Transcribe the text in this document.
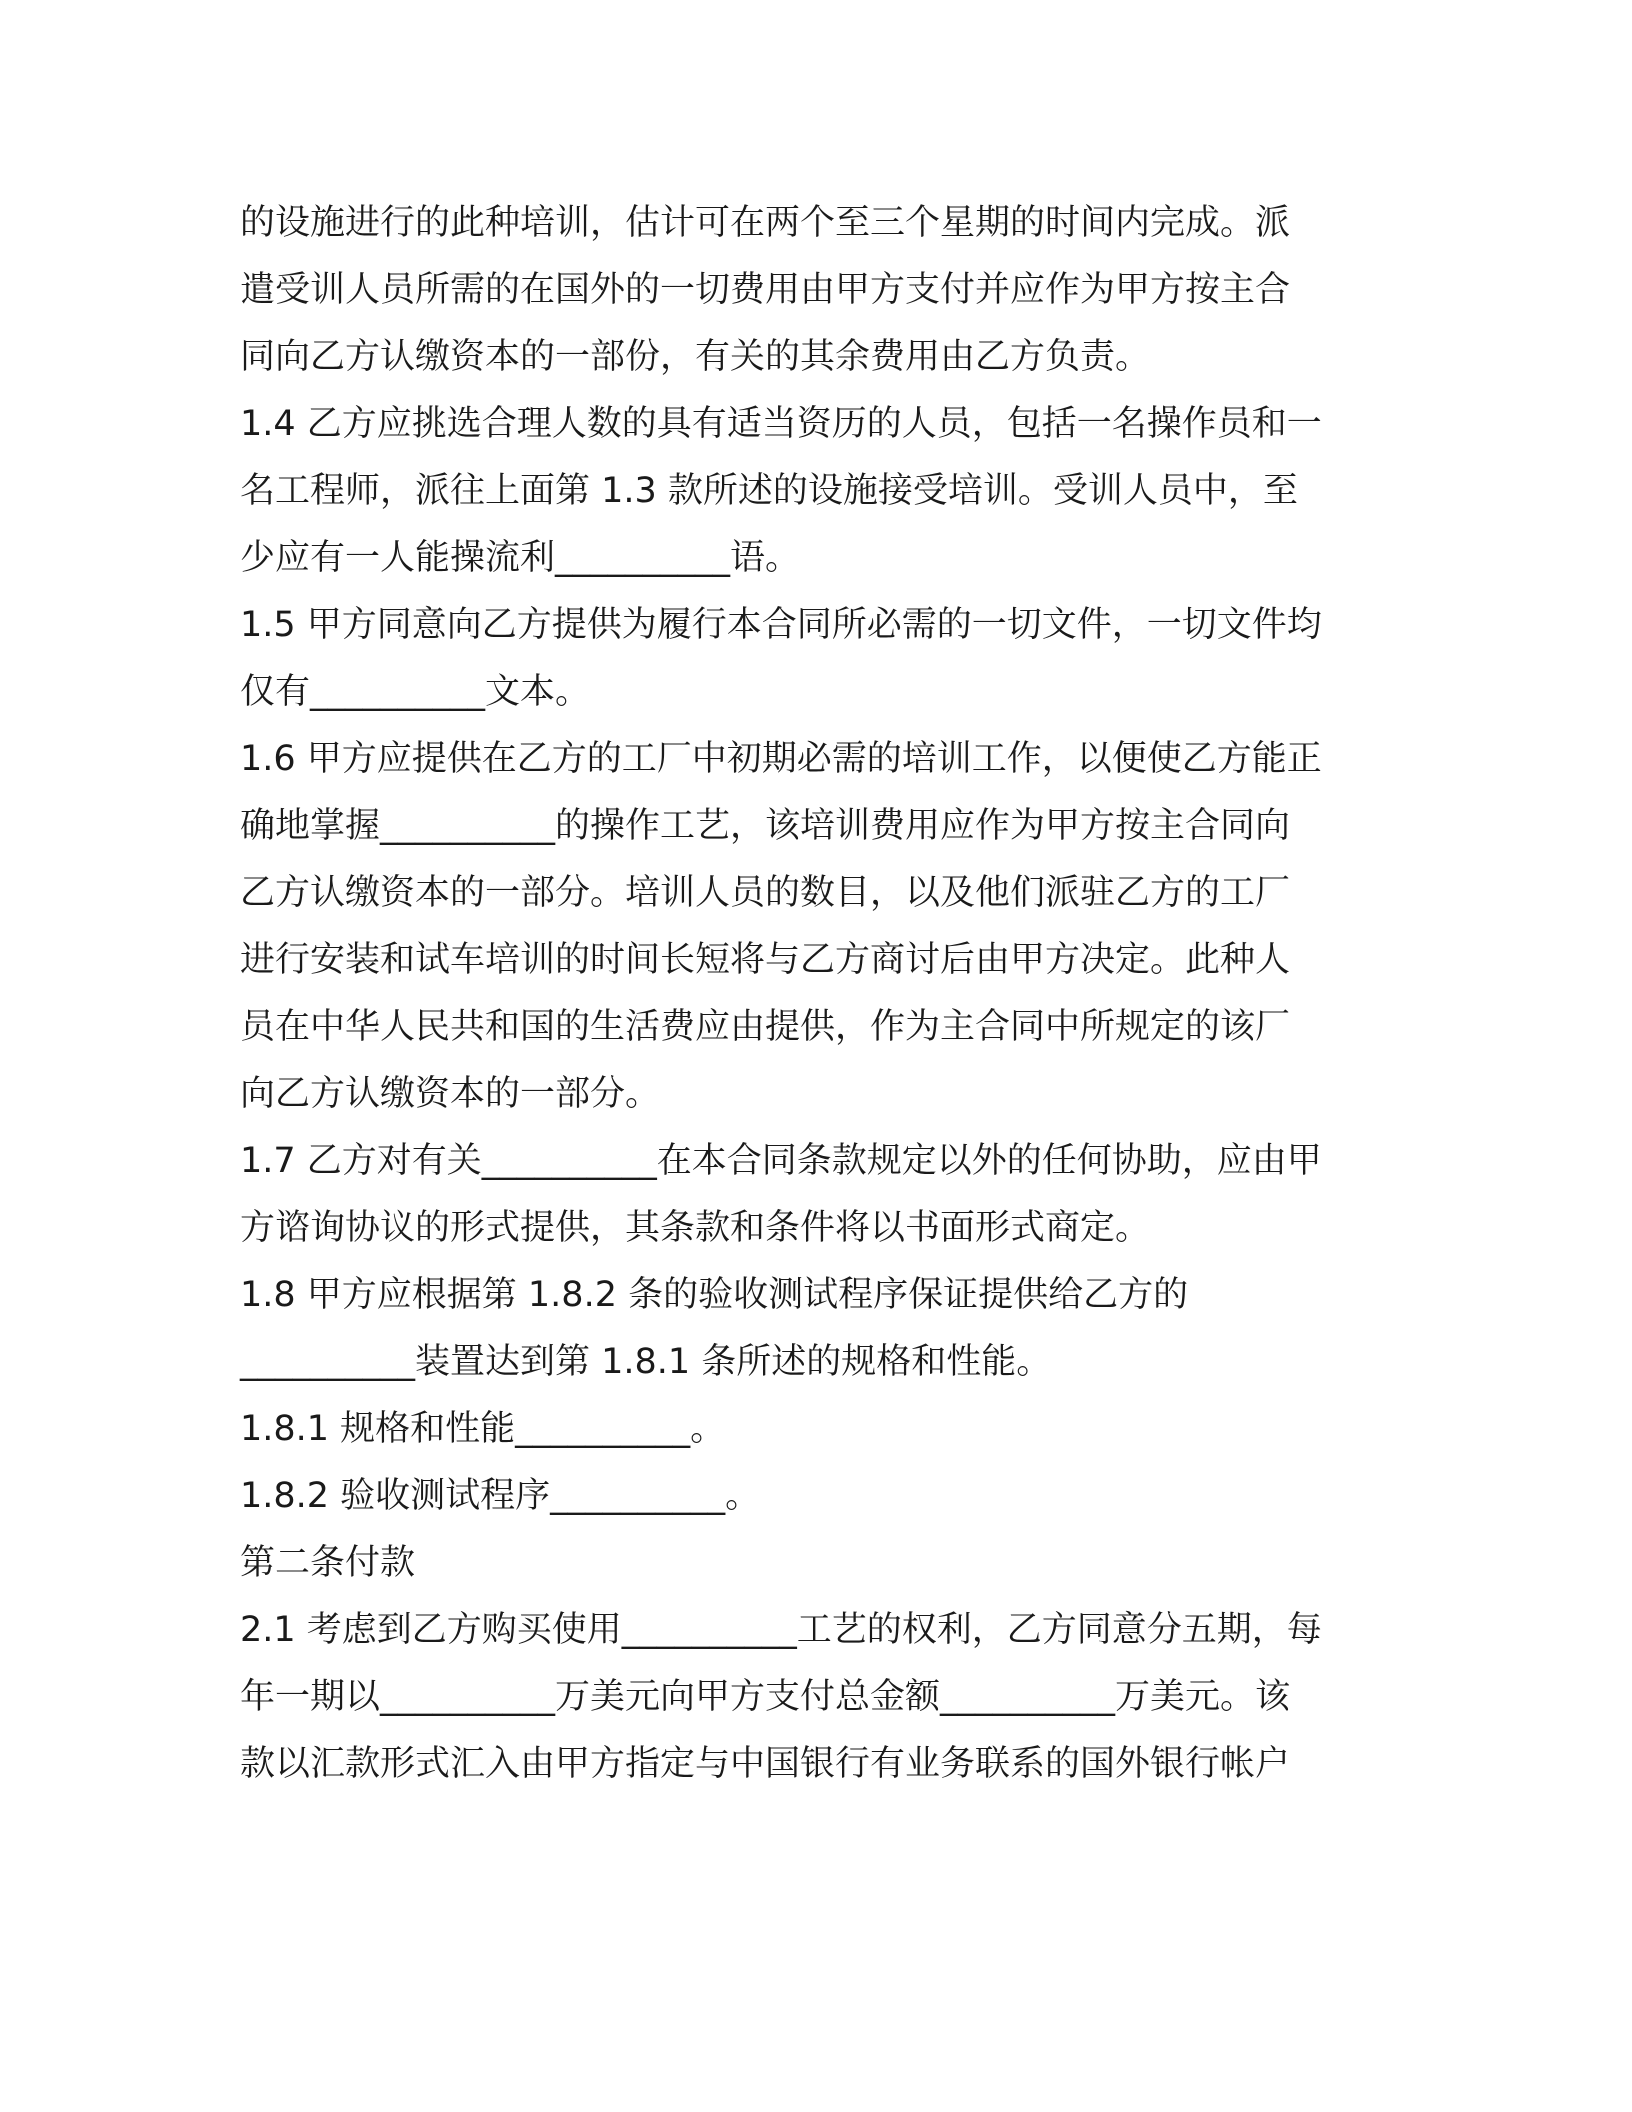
的设施进行的此种培训，估计可在两个至三个星期的时间内完成。派
遣受训人员所需的在国外的一切费用由甲方支付并应作为甲方按主合
同向乙方认缴资本的一部份，有关的其余费用由乙方负责。
1.4 乙方应挑选合理人数的具有适当资历的人员，包括一名操作员和一
名工程师，派往上面第 1.3 款所述的设施接受培训。受训人员中，至
少应有一人能操流利__________语。
1.5 甲方同意向乙方提供为履行本合同所必需的一切文件，一切文件均
仅有__________文本。
1.6 甲方应提供在乙方的工厂中初期必需的培训工作，以便使乙方能正
确地掌握__________的操作工艺，该培训费用应作为甲方按主合同向
乙方认缴资本的一部分。培训人员的数目，以及他们派驻乙方的工厂
进行安装和试车培训的时间长短将与乙方商讨后由甲方决定。此种人
员在中华人民共和国的生活费应由提供，作为主合同中所规定的该厂
向乙方认缴资本的一部分。
1.7 乙方对有关__________在本合同条款规定以外的任何协助，应由甲
方谘询协议的形式提供，其条款和条件将以书面形式商定。
1.8 甲方应根据第 1.8.2 条的验收测试程序保证提供给乙方的
__________装置达到第 1.8.1 条所述的规格和性能。
1.8.1 规格和性能__________。
1.8.2 验收测试程序__________。
第二条付款
2.1 考虑到乙方购买使用__________工艺的权利，乙方同意分五期，每
年一期以__________万美元向甲方支付总金额__________万美元。该
款以汇款形式汇入由甲方指定与中国银行有业务联系的国外银行帐户
